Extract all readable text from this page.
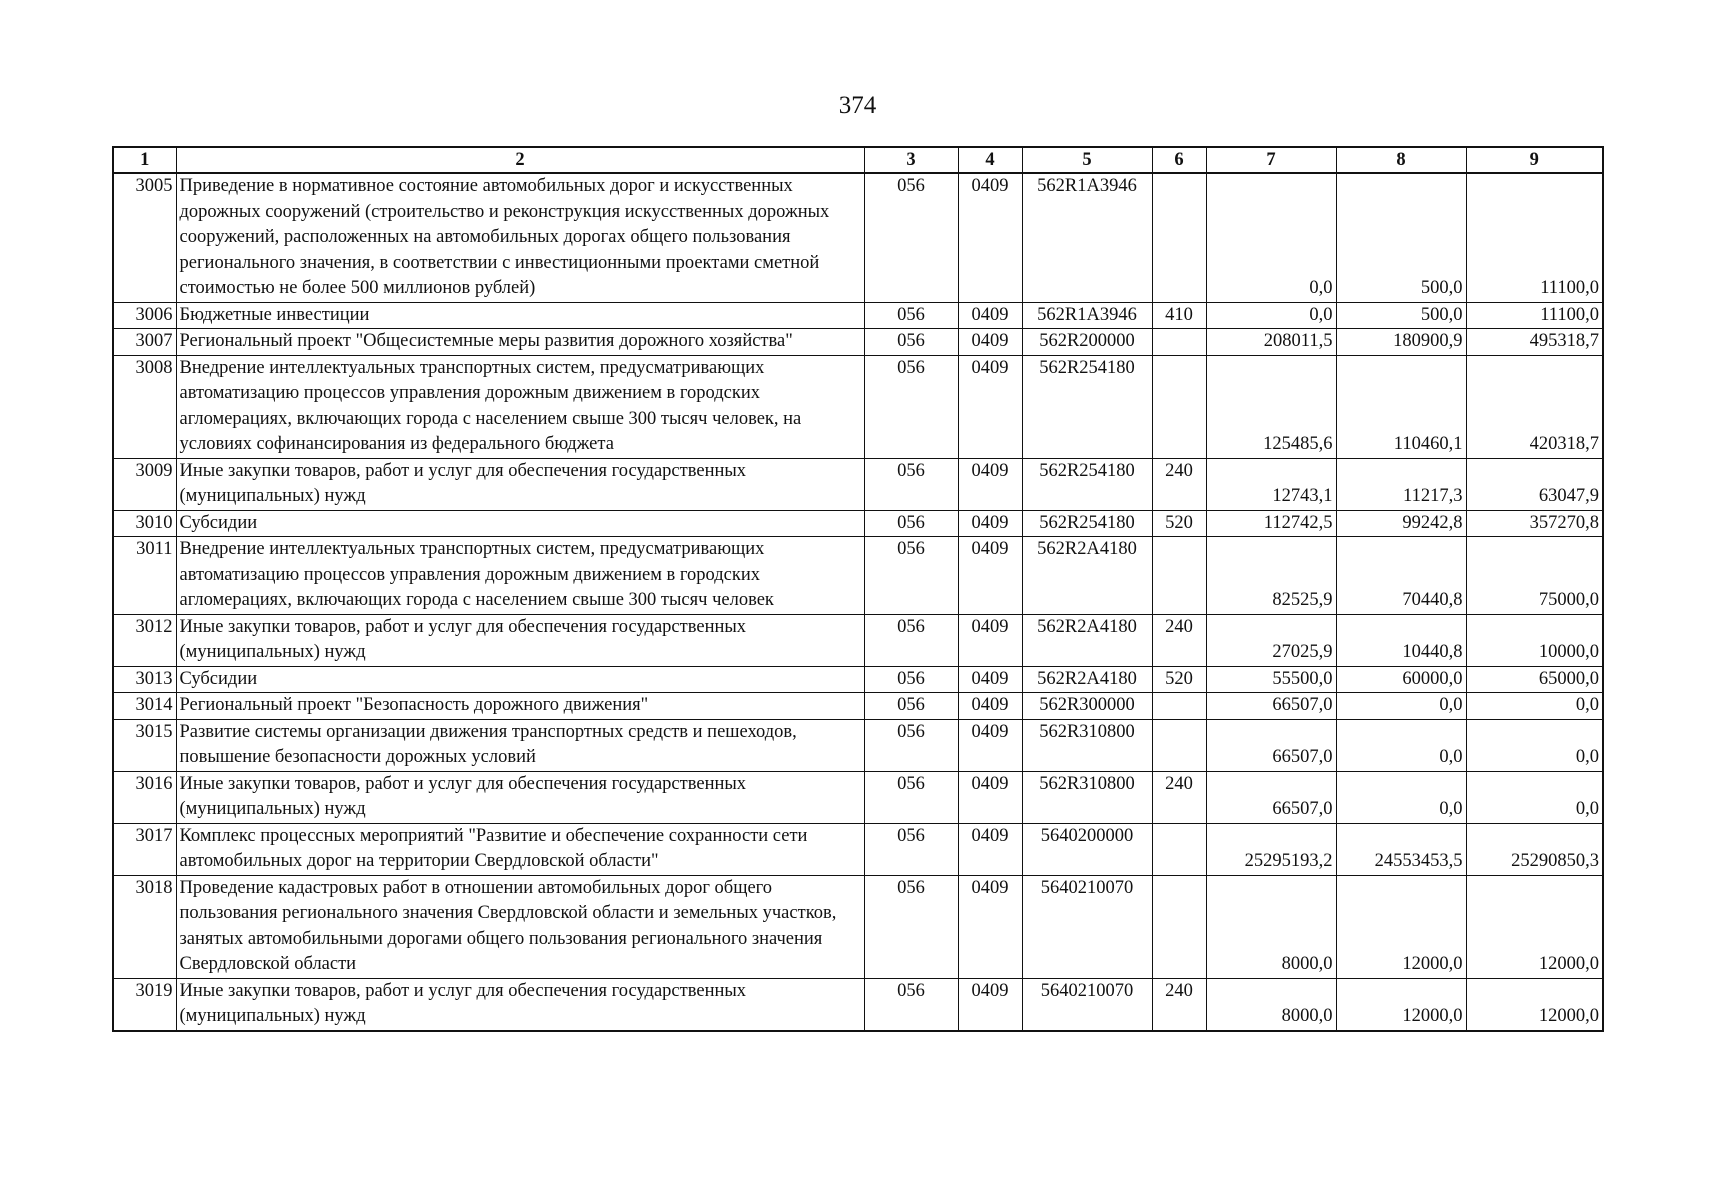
374
1	2	3	4	5	6	7	8	9
3005	Приведение в нормативное состояние автомобильных дорог и искусственных дорожных сооружений (строительство и реконструкция искусственных дорожных сооружений, расположенных на автомобильных дорогах общего пользования регионального значения, в соответствии с инвестиционными проектами сметной стоимостью не более 500 миллионов рублей)	056	0409	562R1A3946		0,0	500,0	11100,0
3006	Бюджетные инвестиции	056	0409	562R1A3946	410	0,0	500,0	11100,0
3007	Региональный проект "Общесистемные меры развития дорожного хозяйства"	056	0409	562R200000		208011,5	180900,9	495318,7
3008	Внедрение интеллектуальных транспортных систем, предусматривающих автоматизацию процессов управления дорожным движением в городских агломерациях, включающих города с населением свыше 300 тысяч человек, на условиях софинансирования из федерального бюджета	056	0409	562R254180		125485,6	110460,1	420318,7
3009	Иные закупки товаров, работ и услуг для обеспечения государственных (муниципальных) нужд	056	0409	562R254180	240	12743,1	11217,3	63047,9
3010	Субсидии	056	0409	562R254180	520	112742,5	99242,8	357270,8
3011	Внедрение интеллектуальных транспортных систем, предусматривающих автоматизацию процессов управления дорожным движением в городских агломерациях, включающих города с населением свыше 300 тысяч человек	056	0409	562R2A4180		82525,9	70440,8	75000,0
3012	Иные закупки товаров, работ и услуг для обеспечения государственных (муниципальных) нужд	056	0409	562R2A4180	240	27025,9	10440,8	10000,0
3013	Субсидии	056	0409	562R2A4180	520	55500,0	60000,0	65000,0
3014	Региональный проект "Безопасность дорожного движения"	056	0409	562R300000		66507,0	0,0	0,0
3015	Развитие системы организации движения транспортных средств и пешеходов, повышение безопасности дорожных условий	056	0409	562R310800		66507,0	0,0	0,0
3016	Иные закупки товаров, работ и услуг для обеспечения государственных (муниципальных) нужд	056	0409	562R310800	240	66507,0	0,0	0,0
3017	Комплекс процессных мероприятий "Развитие и обеспечение сохранности сети автомобильных дорог на территории Свердловской области"	056	0409	5640200000		25295193,2	24553453,5	25290850,3
3018	Проведение кадастровых работ в отношении автомобильных дорог общего пользования регионального значения Свердловской области и земельных участков, занятых автомобильными дорогами общего пользования регионального значения Свердловской области	056	0409	5640210070		8000,0	12000,0	12000,0
3019	Иные закупки товаров, работ и услуг для обеспечения государственных (муниципальных) нужд	056	0409	5640210070	240	8000,0	12000,0	12000,0
